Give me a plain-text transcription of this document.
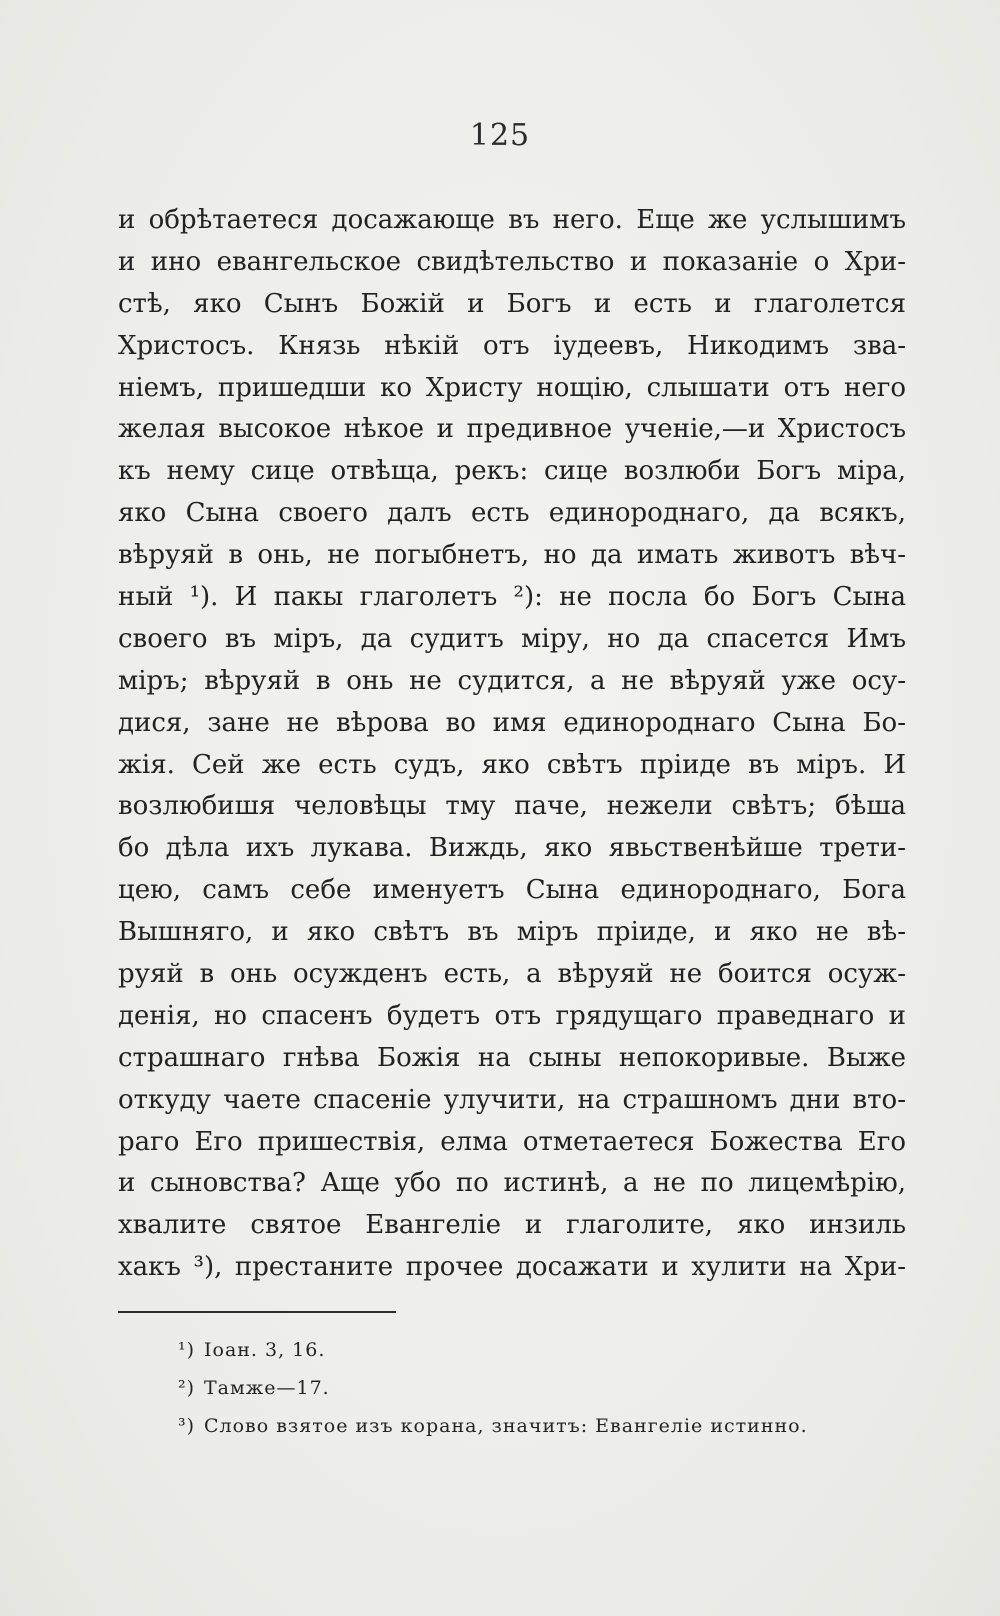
125
и обрѣтаетеся досажающе въ него. Еще же услышимъ
и ино евангельское свидѣтельство и показаніе о Хри-
стѣ, яко Сынъ Божій и Богъ и есть и глаголется
Христосъ. Князь нѣкій отъ іудеевъ, Никодимъ зва-
ніемъ, пришедши ко Христу нощію, слышати отъ него
желая высокое нѣкое и предивное ученіе,—и Христосъ
къ нему сице отвѣща, рекъ: сице возлюби Богъ міра,
яко Сына своего далъ есть единороднаго, да всякъ,
вѣруяй в онь, не погыбнетъ, но да имать животъ вѣч-
ный ¹). И пакы глаголетъ ²): не посла бо Богъ Сына
своего въ міръ, да судитъ міру, но да спасется Имъ
міръ; вѣруяй в онь не судится, а не вѣруяй уже осу-
дися, зане не вѣрова во имя единороднаго Сына Бо-
жія. Сей же есть судъ, яко свѣтъ пріиде въ міръ. И
возлюбишя человѣцы тму паче, нежели свѣтъ; бѣша
бо дѣла ихъ лукава. Виждь, яко явьственѣйше трети-
цею, самъ себе именуетъ Сына единороднаго, Бога
Вышняго, и яко свѣтъ въ міръ пріиде, и яко не вѣ-
руяй в онь осужденъ есть, а вѣруяй не боится осуж-
денія, но спасенъ будетъ отъ грядущаго праведнаго и
страшнаго гнѣва Божія на сыны непокоривые. Выже
откуду чаете спасеніе улучити, на страшномъ дни вто-
раго Его пришествія, елма отметаетеся Божества Его
и сыновства? Аще убо по истинѣ, а не по лицемѣрію,
хвалите святое Евангеліе и глаголите, яко инзиль
хакъ ³), престаните прочее досажати и хулити на Хри-
¹) Іоан. 3, 16.
²) Тамже—17.
³) Слово взятое изъ корана, значитъ: Евангеліе истинно.
